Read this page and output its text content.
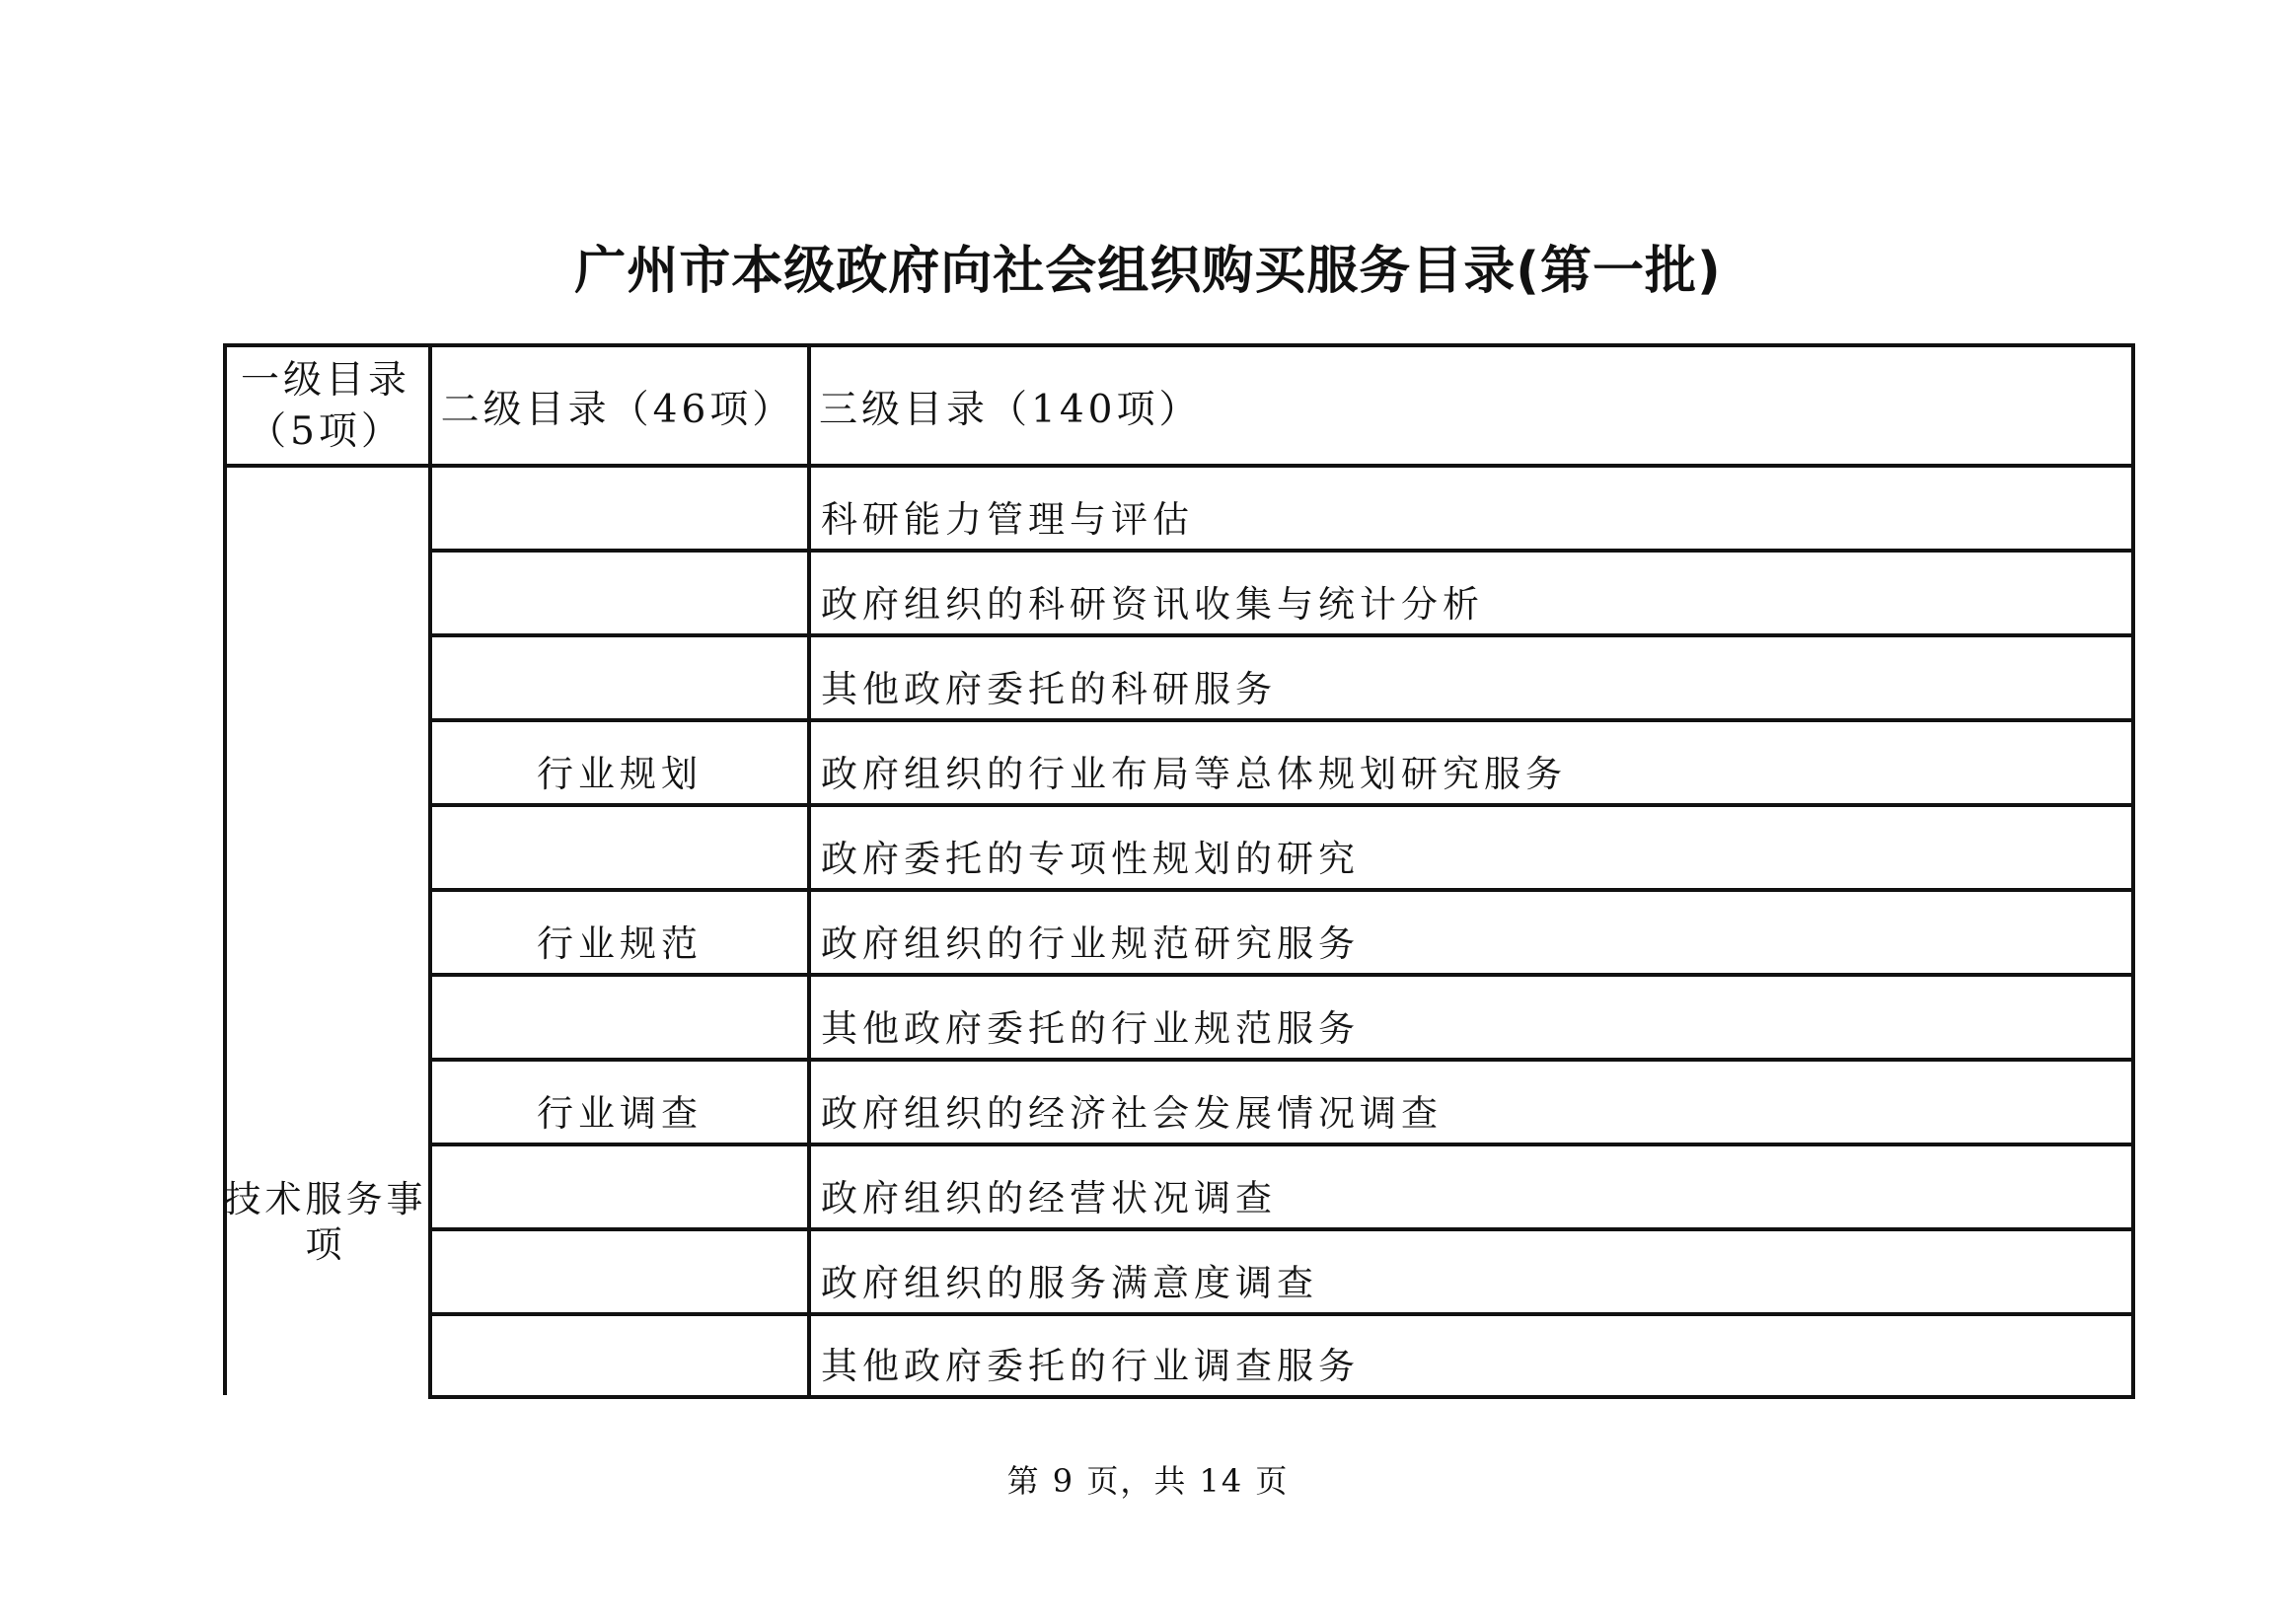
广州市本级政府向社会组织购买服务目录(第一批)
一级目录
（5项） 二级目录（46项） 三级目录（140项）
技术服务事
项
行业规划
行业规范
行业调查
科研能力管理与评估
政府组织的科研资讯收集与统计分析
其他政府委托的科研服务
政府组织的行业布局等总体规划研究服务
政府委托的专项性规划的研究
政府组织的行业规范研究服务
其他政府委托的行业规范服务
政府组织的经济社会发展情况调查
政府组织的经营状况调查
政府组织的服务满意度调查
其他政府委托的行业调查服务
第 9 页，共 14 页
